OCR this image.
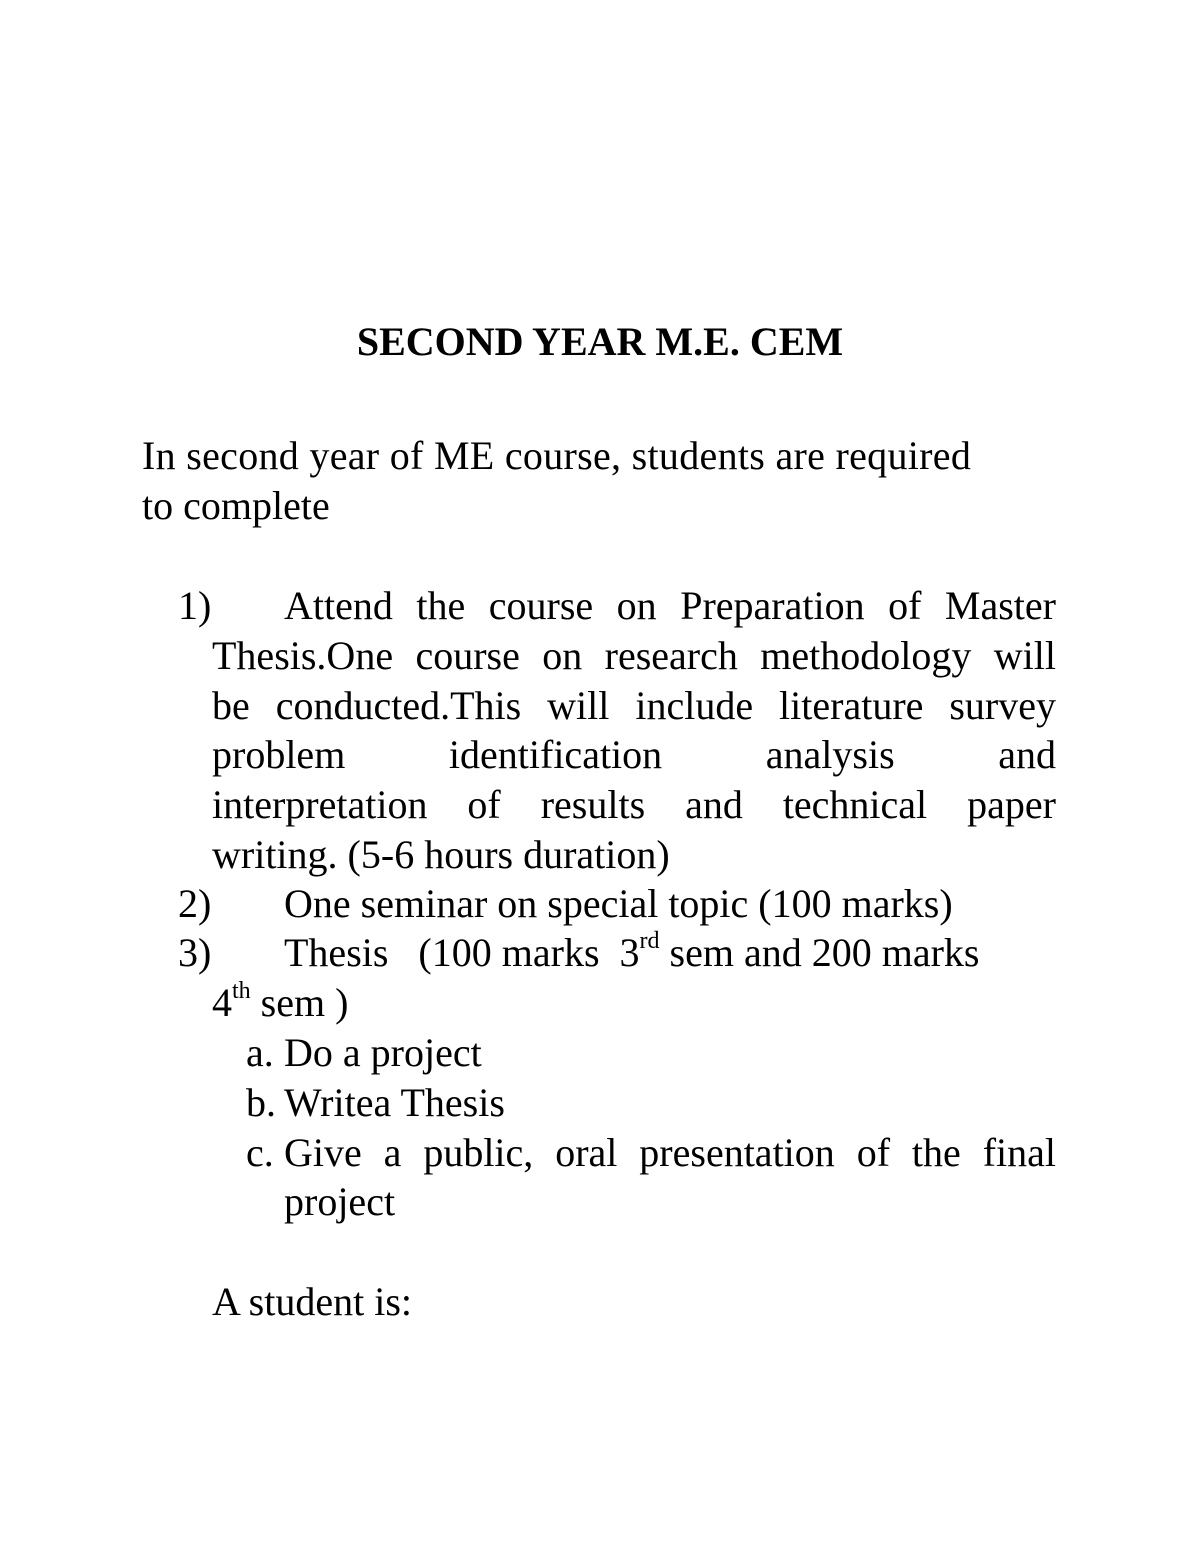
SECOND YEAR M.E. CEM
In second year of ME course, students are required
to complete
1) Attend the course on Preparation of Master
Thesis.One course on research methodology will
be conducted.This will include literature survey
problem	identification	analysis	and
interpretation of results and technical paper
writing. (5-6 hours duration)
2) One seminar on special topic (100 marks)
3) Thesis   (100 marks  3rd sem and 200 marks
4th sem )
a. Do a project
b. Writea Thesis
c. Give a public, oral presentation of the final
project
A student is:
